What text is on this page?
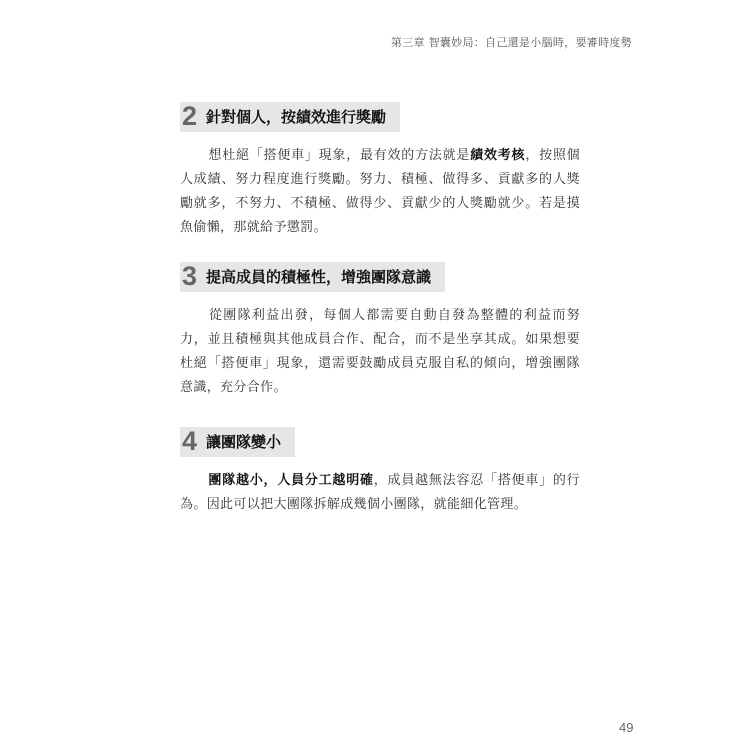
第三章 智囊妙局：自己還是小腦時，要審時度勢
2 針對個人，按績效進行獎勵

想杜絕「搭便車」現象，最有效的方法就是績效考核，按照個人成績、努力程度進行獎勵。努力、積極、做得多、貢獻多的人獎勵就多，不努力、不積極、做得少、貢獻少的人獎勵就少。若是摸魚偷懶，那就給予懲罰。

3 提高成員的積極性，增強團隊意識

從團隊利益出發，每個人都需要自動自發為整體的利益而努力，並且積極與其他成員合作、配合，而不是坐享其成。如果想要杜絕「搭便車」現象，還需要鼓勵成員克服自私的傾向，增強團隊意識，充分合作。

4 讓團隊變小

團隊越小，人員分工越明確，成員越無法容忍「搭便車」的行為。因此可以把大團隊拆解成幾個小團隊，就能細化管理。

49
